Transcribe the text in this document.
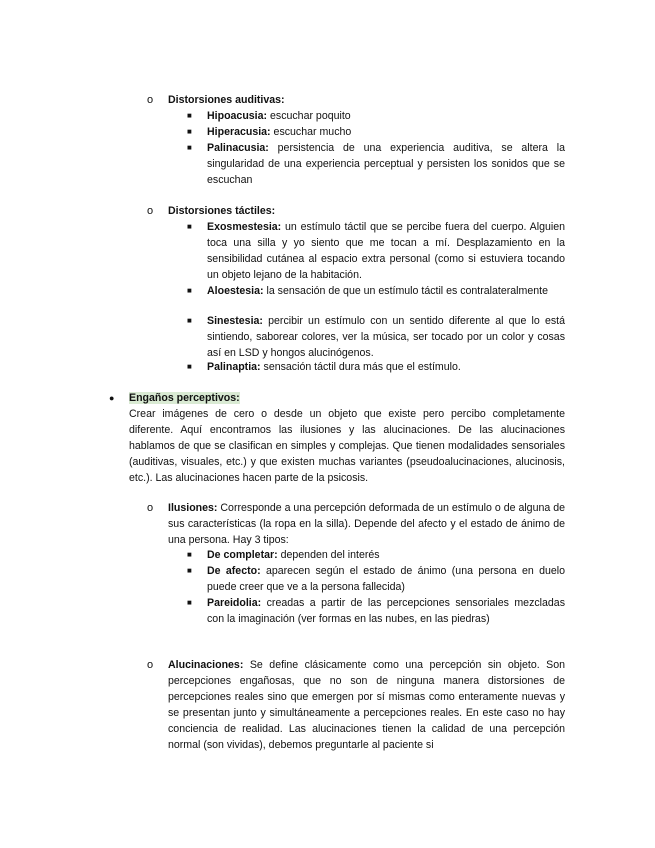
o Distorsiones auditivas:
■ Hipoacusia: escuchar poquito
■ Hiperacusia: escuchar mucho
■ Palinacusia: persistencia de una experiencia auditiva, se altera la singularidad de una experiencia perceptual y persisten los sonidos que se escuchan
o Distorsiones táctiles:
■ Exosmestesia: un estímulo táctil que se percibe fuera del cuerpo. Alguien toca una silla y yo siento que me tocan a mí. Desplazamiento en la sensibilidad cutánea al espacio extra personal (como si estuviera tocando un objeto lejano de la habitación.
■ Aloestesia: la sensación de que un estímulo táctil es contralateralmente
■ Sinestesia: percibir un estímulo con un sentido diferente al que lo está sintiendo, saborear colores, ver la música, ser tocado por un color y cosas así en LSD y hongos alucinógenos.
■ Palinaptia: sensación táctil dura más que el estímulo.
● Engaños perceptivos:
Crear imágenes de cero o desde un objeto que existe pero percibo completamente diferente. Aquí encontramos las ilusiones y las alucinaciones. De las alucinaciones hablamos de que se clasifican en simples y complejas. Que tienen modalidades sensoriales (auditivas, visuales, etc.) y que existen muchas variantes (pseudoalucinaciones, alucinosis, etc.). Las alucinaciones hacen parte de la psicosis.
o Ilusiones: Corresponde a una percepción deformada de un estímulo o de alguna de sus características (la ropa en la silla). Depende del afecto y el estado de ánimo de una persona. Hay 3 tipos:
■ De completar: dependen del interés
■ De afecto: aparecen según el estado de ánimo (una persona en duelo puede creer que ve a la persona fallecida)
■ Pareidolia: creadas a partir de las percepciones sensoriales mezcladas con la imaginación (ver formas en las nubes, en las piedras)
o Alucinaciones: Se define clásicamente como una percepción sin objeto. Son percepciones engañosas, que no son de ninguna manera distorsiones de percepciones reales sino que emergen por sí mismas como enteramente nuevas y se presentan junto y simultáneamente a percepciones reales. En este caso no hay conciencia de realidad. Las alucinaciones tienen la calidad de una percepción normal (son vividas), debemos preguntarle al paciente si
